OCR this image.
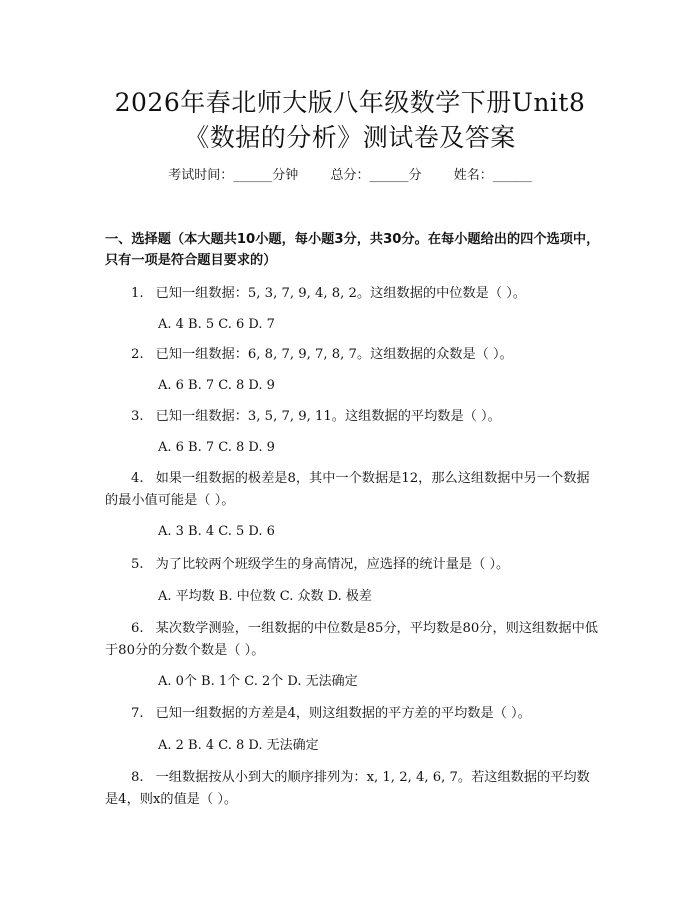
2026年春北师大版八年级数学下册Unit8
《数据的分析》测试卷及答案
考试时间：______分钟 总分：______分 姓名：______
一、选择题（本大题共10小题，每小题3分，共30分。在每小题给出的四个选项中，只有一项是符合题目要求的）
1. 已知一组数据：5, 3, 7, 9, 4, 8, 2。这组数据的中位数是（ ）。
A. 4 B. 5 C. 6 D. 7
2. 已知一组数据：6, 8, 7, 9, 7, 8, 7。这组数据的众数是（ ）。
A. 6 B. 7 C. 8 D. 9
3. 已知一组数据：3, 5, 7, 9, 11。这组数据的平均数是（ ）。
A. 6 B. 7 C. 8 D. 9
4. 如果一组数据的极差是8，其中一个数据是12，那么这组数据中另一个数据的最小值可能是（ ）。
A. 3 B. 4 C. 5 D. 6
5. 为了比较两个班级学生的身高情况，应选择的统计量是（ ）。
A. 平均数 B. 中位数 C. 众数 D. 极差
6. 某次数学测验，一组数据的中位数是85分，平均数是80分，则这组数据中低于80分的分数个数是（ ）。
A. 0个 B. 1个 C. 2个 D. 无法确定
7. 已知一组数据的方差是4，则这组数据的平方差的平均数是（ ）。
A. 2 B. 4 C. 8 D. 无法确定
8. 一组数据按从小到大的顺序排列为：x, 1, 2, 4, 6, 7。若这组数据的平均数是4，则x的值是（ ）。
